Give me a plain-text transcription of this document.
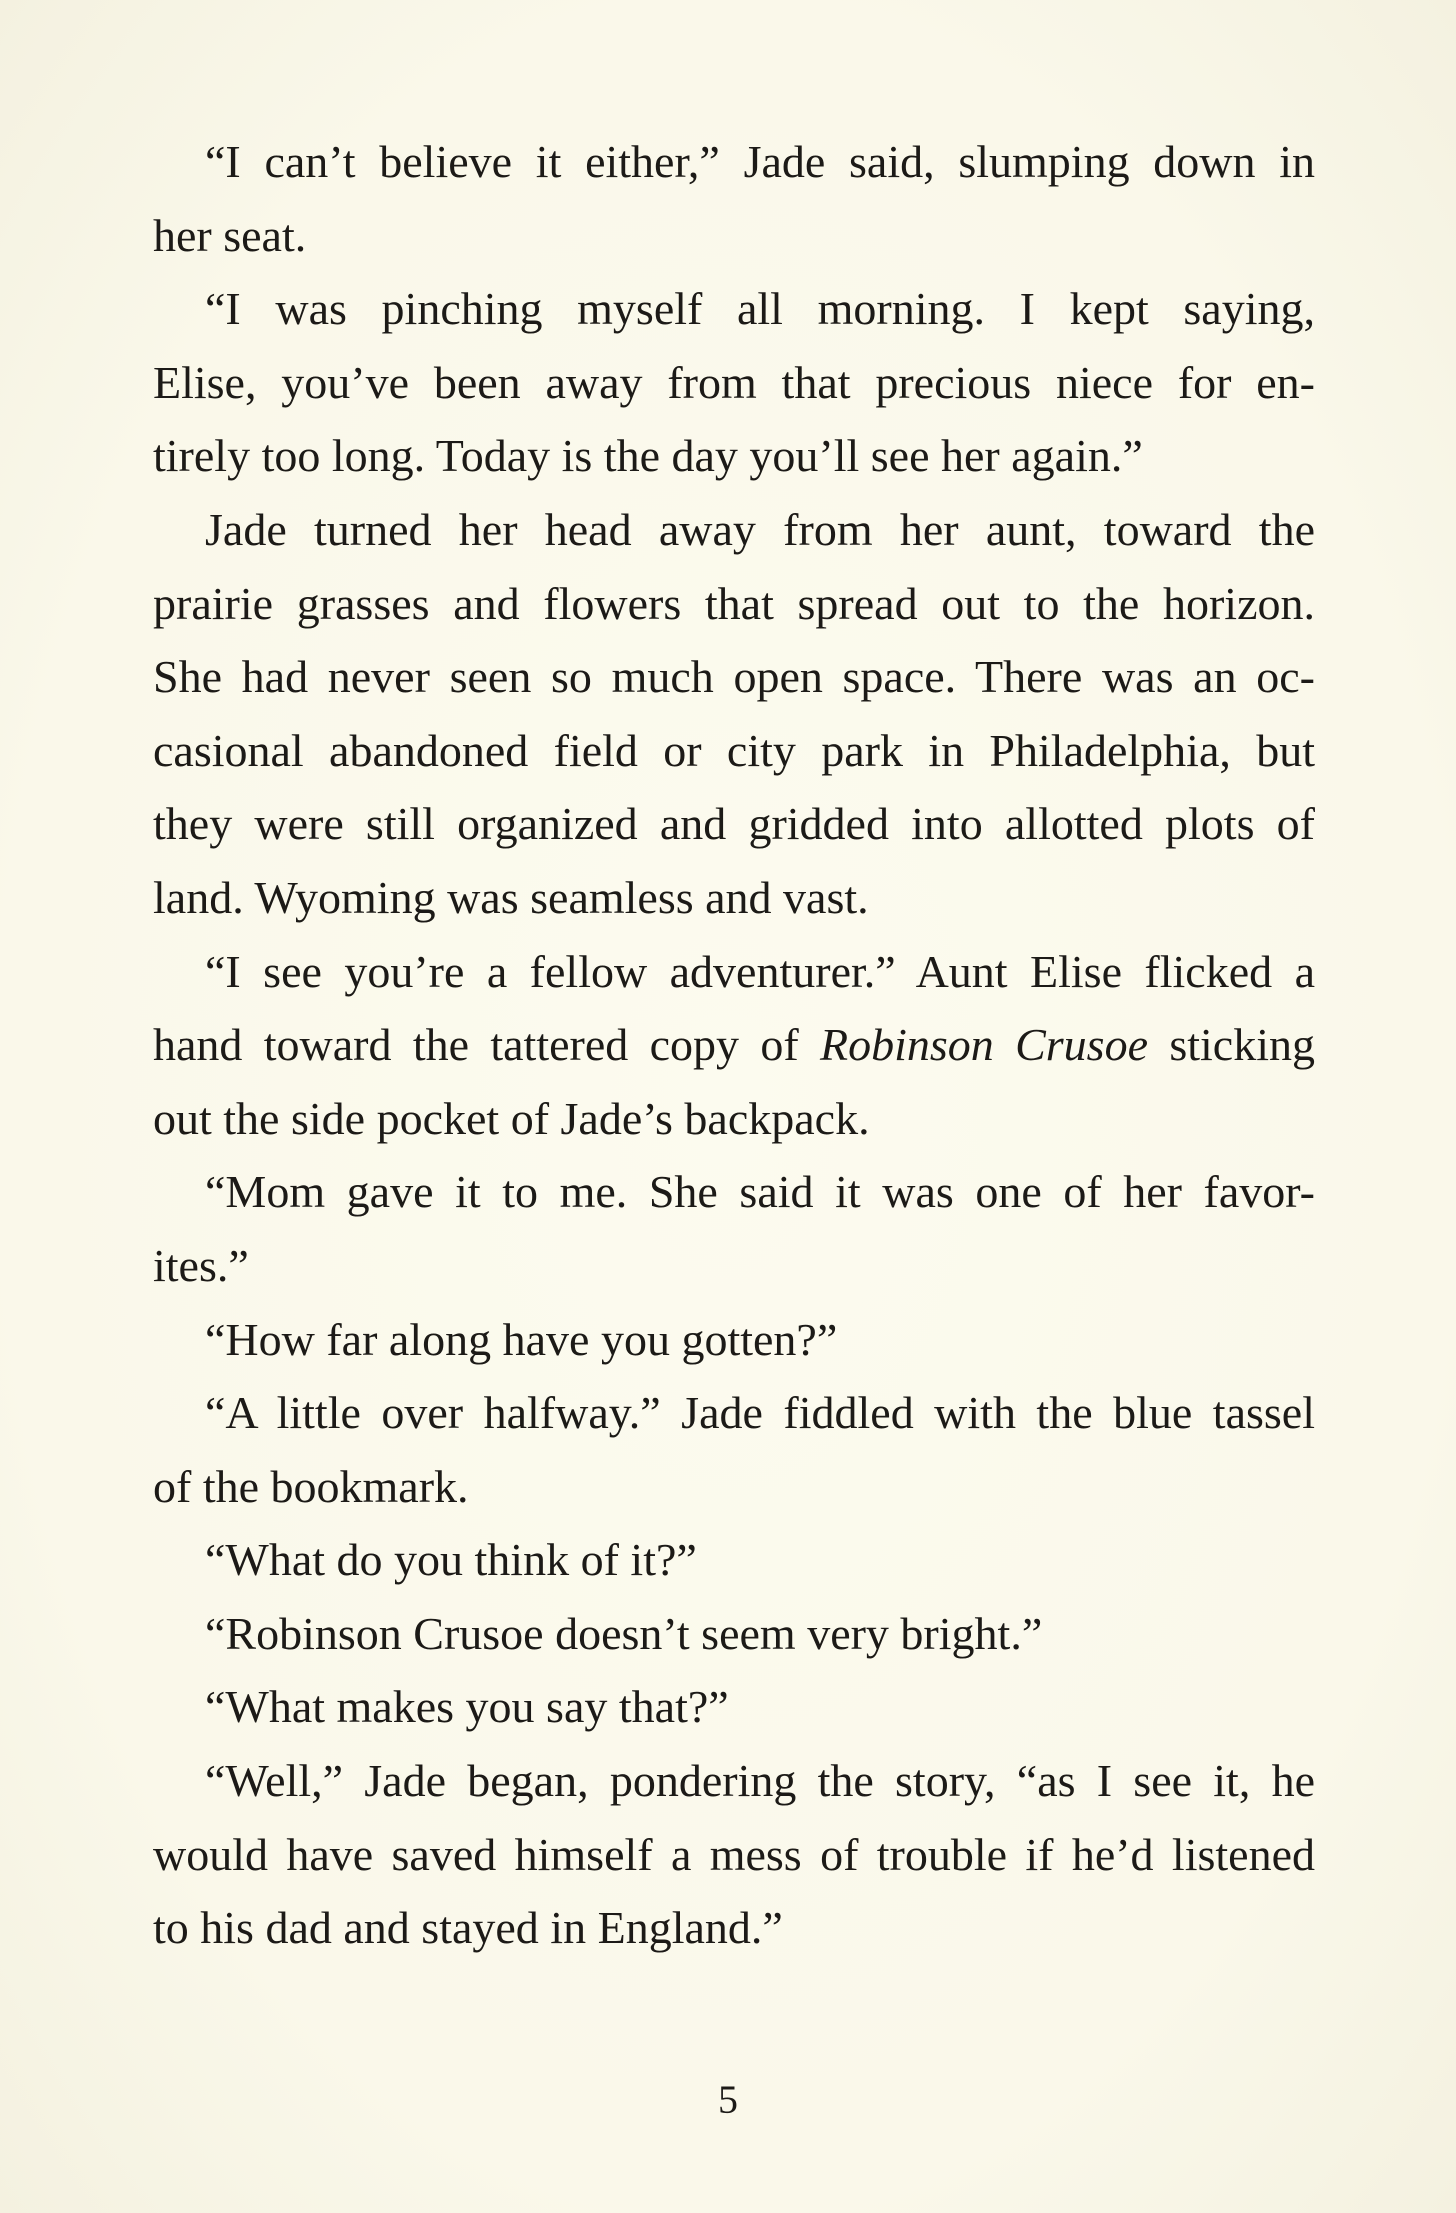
“I can’t believe it either,” Jade said, slumping down in
her seat.
“I was pinching myself all morning. I kept saying,
Elise, you’ve been away from that precious niece for en-
tirely too long. Today is the day you’ll see her again.”
Jade turned her head away from her aunt, toward the
prairie grasses and flowers that spread out to the horizon.
She had never seen so much open space. There was an oc-
casional abandoned field or city park in Philadelphia, but
they were still organized and gridded into allotted plots of
land. Wyoming was seamless and vast.
“I see you’re a fellow adventurer.” Aunt Elise flicked a
hand toward the tattered copy of Robinson Crusoe sticking
out the side pocket of Jade’s backpack.
“Mom gave it to me. She said it was one of her favor-
ites.”
“How far along have you gotten?”
“A little over halfway.” Jade fiddled with the blue tassel
of the bookmark.
“What do you think of it?”
“Robinson Crusoe doesn’t seem very bright.”
“What makes you say that?”
“Well,” Jade began, pondering the story, “as I see it, he
would have saved himself a mess of trouble if he’d listened
to his dad and stayed in England.”
5
